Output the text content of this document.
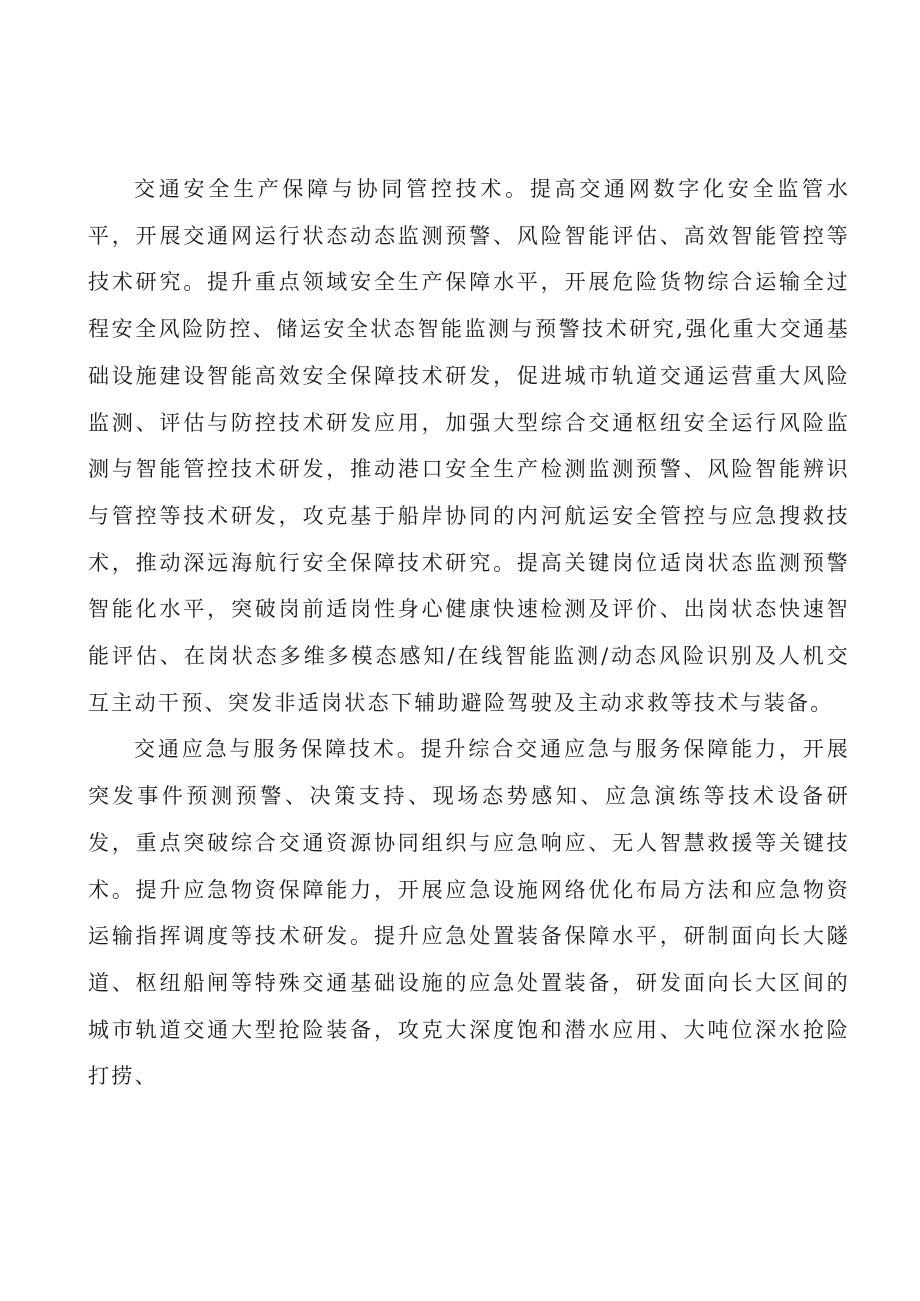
交通安全生产保障与协同管控技术。提高交通网数字化安全监管水平，开展交通网运行状态动态监测预警、风险智能评估、高效智能管控等技术研究。提升重点领域安全生产保障水平，开展危险货物综合运输全过程安全风险防控、储运安全状态智能监测与预警技术研究,强化重大交通基础设施建设智能高效安全保障技术研发，促进城市轨道交通运营重大风险监测、评估与防控技术研发应用，加强大型综合交通枢纽安全运行风险监测与智能管控技术研发，推动港口安全生产检测监测预警、风险智能辨识与管控等技术研发，攻克基于船岸协同的内河航运安全管控与应急搜救技术，推动深远海航行安全保障技术研究。提高关键岗位适岗状态监测预警智能化水平，突破岗前适岗性身心健康快速检测及评价、出岗状态快速智能评估、在岗状态多维多模态感知/在线智能监测/动态风险识别及人机交互主动干预、突发非适岗状态下辅助避险驾驶及主动求救等技术与装备。

交通应急与服务保障技术。提升综合交通应急与服务保障能力，开展突发事件预测预警、决策支持、现场态势感知、应急演练等技术设备研发，重点突破综合交通资源协同组织与应急响应、无人智慧救援等关键技术。提升应急物资保障能力，开展应急设施网络优化布局方法和应急物资运输指挥调度等技术研发。提升应急处置装备保障水平，研制面向长大隧道、枢纽船闸等特殊交通基础设施的应急处置装备，研发面向长大区间的城市轨道交通大型抢险装备，攻克大深度饱和潜水应用、大吨位深水抢险打捞、
